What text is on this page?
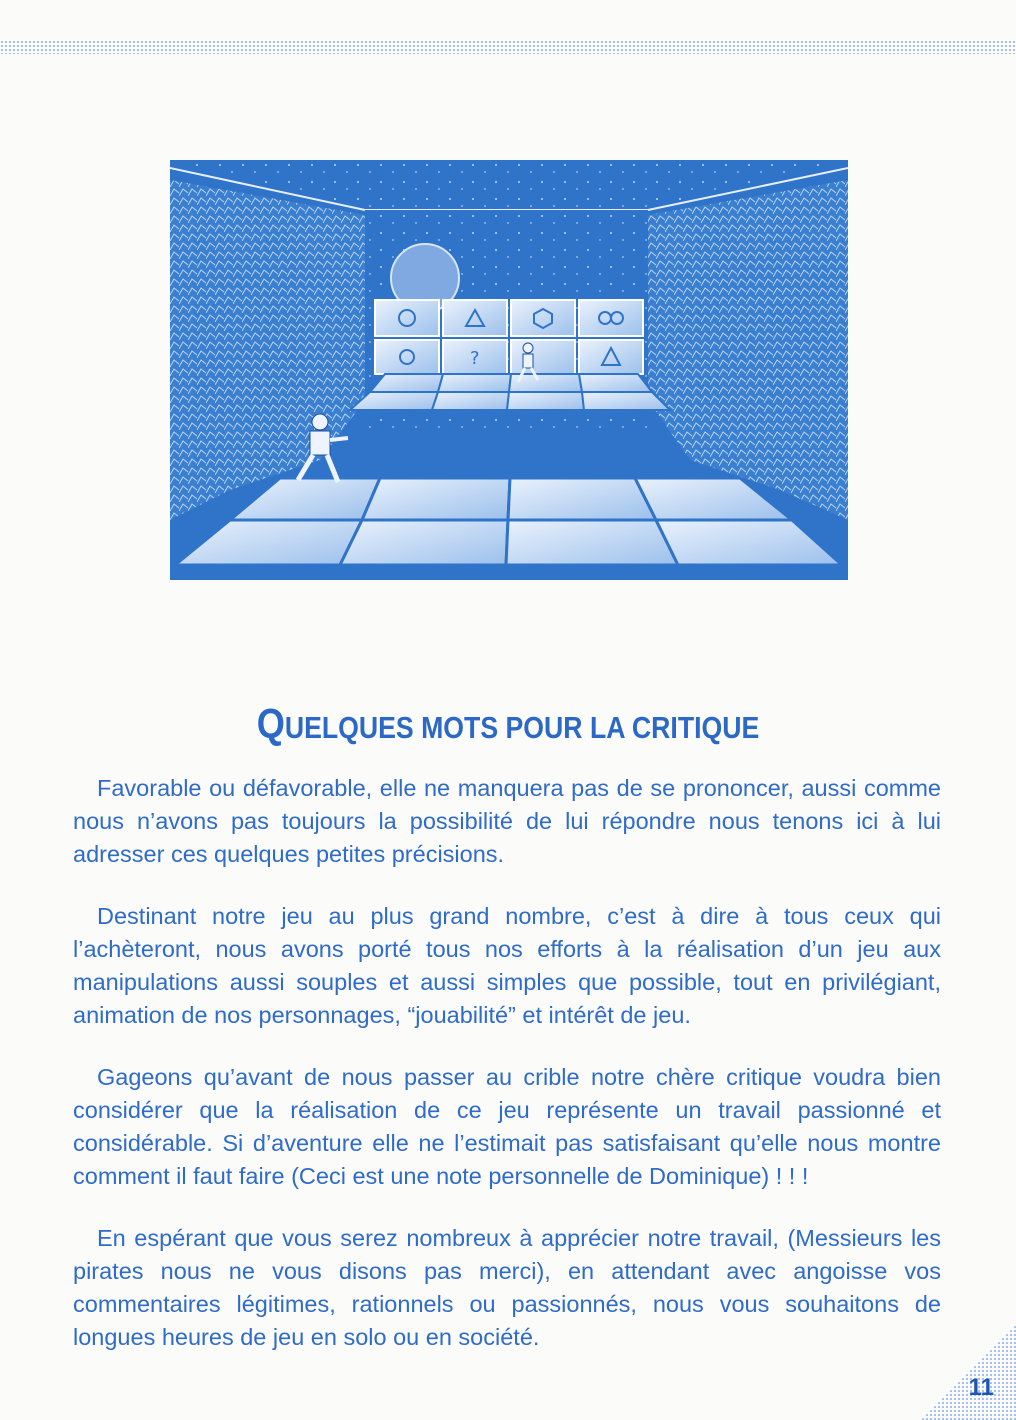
?
QUELQUES MOTS POUR LA CRITIQUE

Favorable ou défavorable, elle ne manquera pas de se prononcer, aussi comme nous n’avons pas toujours la possibilité de lui répondre nous tenons ici à lui adresser ces quelques petites précisions.

Destinant notre jeu au plus grand nombre, c’est à dire à tous ceux qui l’achèteront, nous avons porté tous nos efforts à la réalisation d’un jeu aux manipulations aussi souples et aussi simples que possible, tout en privilégiant, animation de nos personnages, “jouabilité” et intérêt de jeu.

Gageons qu’avant de nous passer au crible notre chère critique voudra bien considérer que la réalisation de ce jeu représente un travail passionné et considérable. Si d’aventure elle ne l’estimait pas satisfaisant qu’elle nous montre comment il faut faire (Ceci est une note personnelle de Dominique) ! ! !

En espérant que vous serez nombreux à apprécier notre travail, (Messieurs les pirates nous ne vous disons pas merci), en attendant avec angoisse vos commentaires légitimes, rationnels ou passionnés, nous vous souhaitons de longues heures de jeu en solo ou en société.

11
